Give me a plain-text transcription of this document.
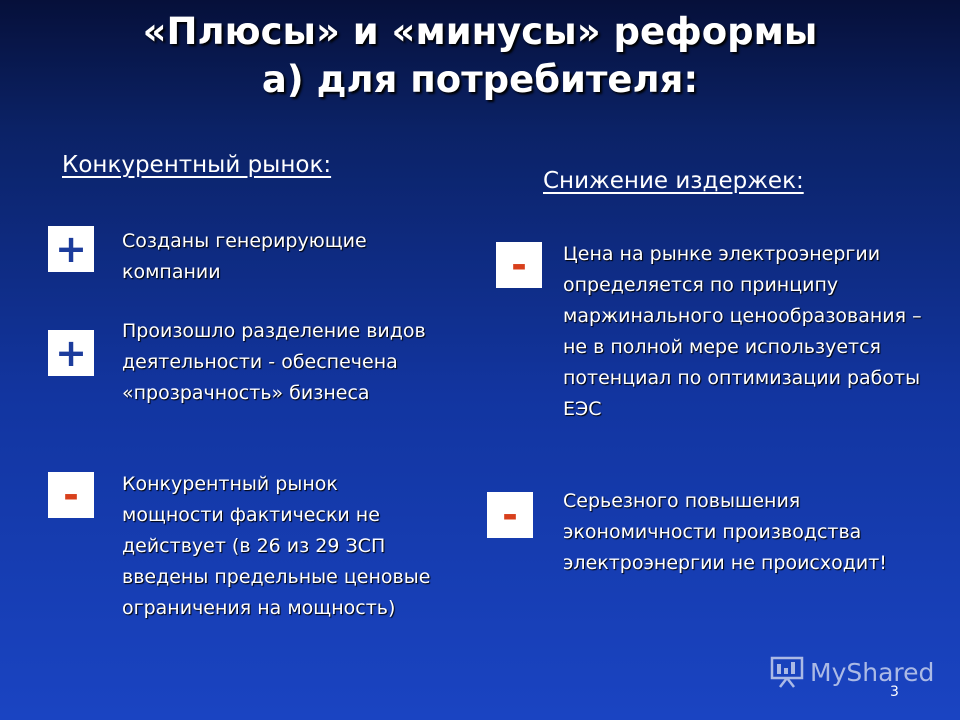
«Плюсы» и «минусы» реформы
а) для потребителя:
Конкурентный рынок:
Снижение издержек:
+	Созданы генерирующие компании
+	Произошло разделение видов деятельности - обеспечена «прозрачность» бизнеса
-	Конкурентный рынок мощности фактически не действует (в 26 из 29 ЗСП введены предельные ценовые ограничения на мощность)
-	Цена на рынке электроэнергии определяется по принципу маржинального ценообразования – не в полной мере используется потенциал по оптимизации работы ЕЭС
-	Серьезного повышения экономичности производства электроэнергии не происходит!
MyShared
3
